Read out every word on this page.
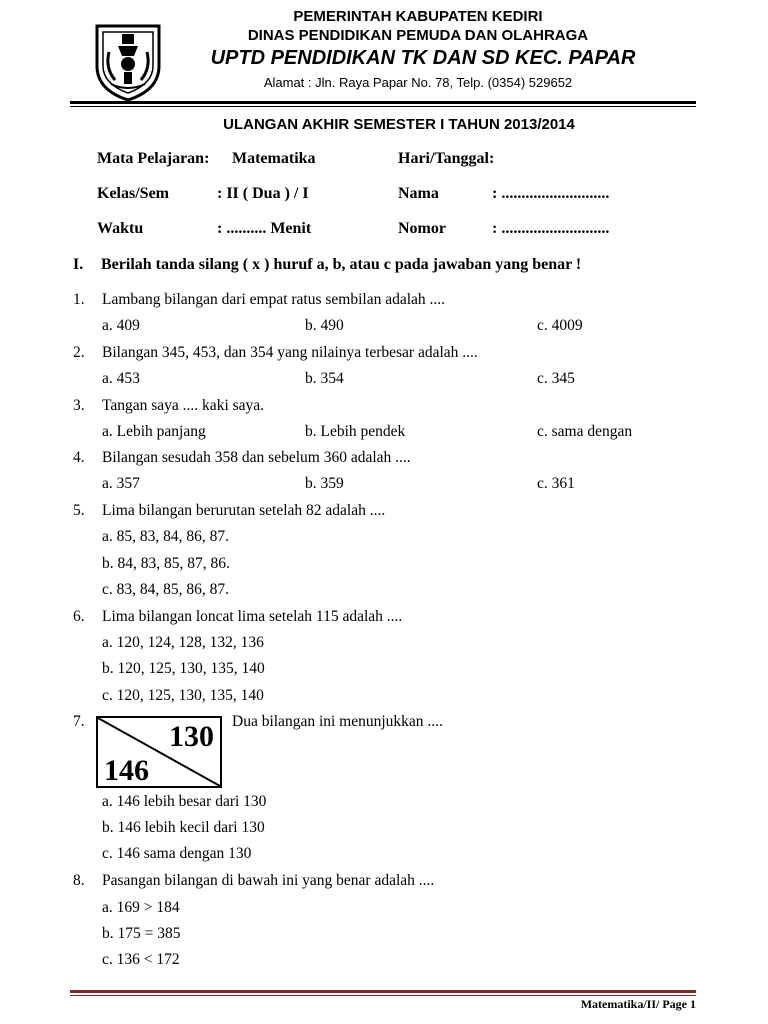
PEMERINTAH KABUPATEN KEDIRI
DINAS PENDIDIKAN PEMUDA DAN OLAHRAGA
UPTD PENDIDIKAN TK DAN SD KEC. PAPAR
Alamat : Jln. Raya Papar No. 78, Telp. (0354) 529652
ULANGAN AKHIR SEMESTER I TAHUN 2013/2014
Mata Pelajaran: Matematika	Hari/Tanggal:
Kelas/Sem	: II ( Dua ) / I	Nama	: ...........................
Waktu	: .......... Menit	Nomor	: ...........................
I. Berilah tanda silang ( x ) huruf a, b, atau c pada jawaban yang benar !
1. Lambang bilangan dari empat ratus sembilan adalah ....
a. 409	b. 490	c. 4009
2. Bilangan 345, 453, dan 354 yang nilainya terbesar adalah ....
a. 453	b. 354	c. 345
3. Tangan saya .... kaki saya.
a. Lebih panjang	b. Lebih pendek	c. sama dengan
4. Bilangan sesudah 358 dan sebelum 360 adalah ....
a. 357	b. 359	c. 361
5. Lima bilangan berurutan setelah 82 adalah ....
a. 85, 83, 84, 86, 87.
b. 84, 83, 85, 87, 86.
c. 83, 84, 85, 86, 87.
6. Lima bilangan loncat lima setelah 115 adalah ....
a. 120, 124, 128, 132, 136
b. 120, 125, 130, 135, 140
c. 120, 125, 130, 135, 140
7.	130
146
Dua bilangan ini menunjukkan ....
a. 146 lebih besar dari 130
b. 146 lebih kecil dari 130
c. 146 sama dengan 130
8. Pasangan bilangan di bawah ini yang benar adalah ....
a. 169 > 184
b. 175 = 385
c. 136 < 172
Matematika/II/ Page 1
